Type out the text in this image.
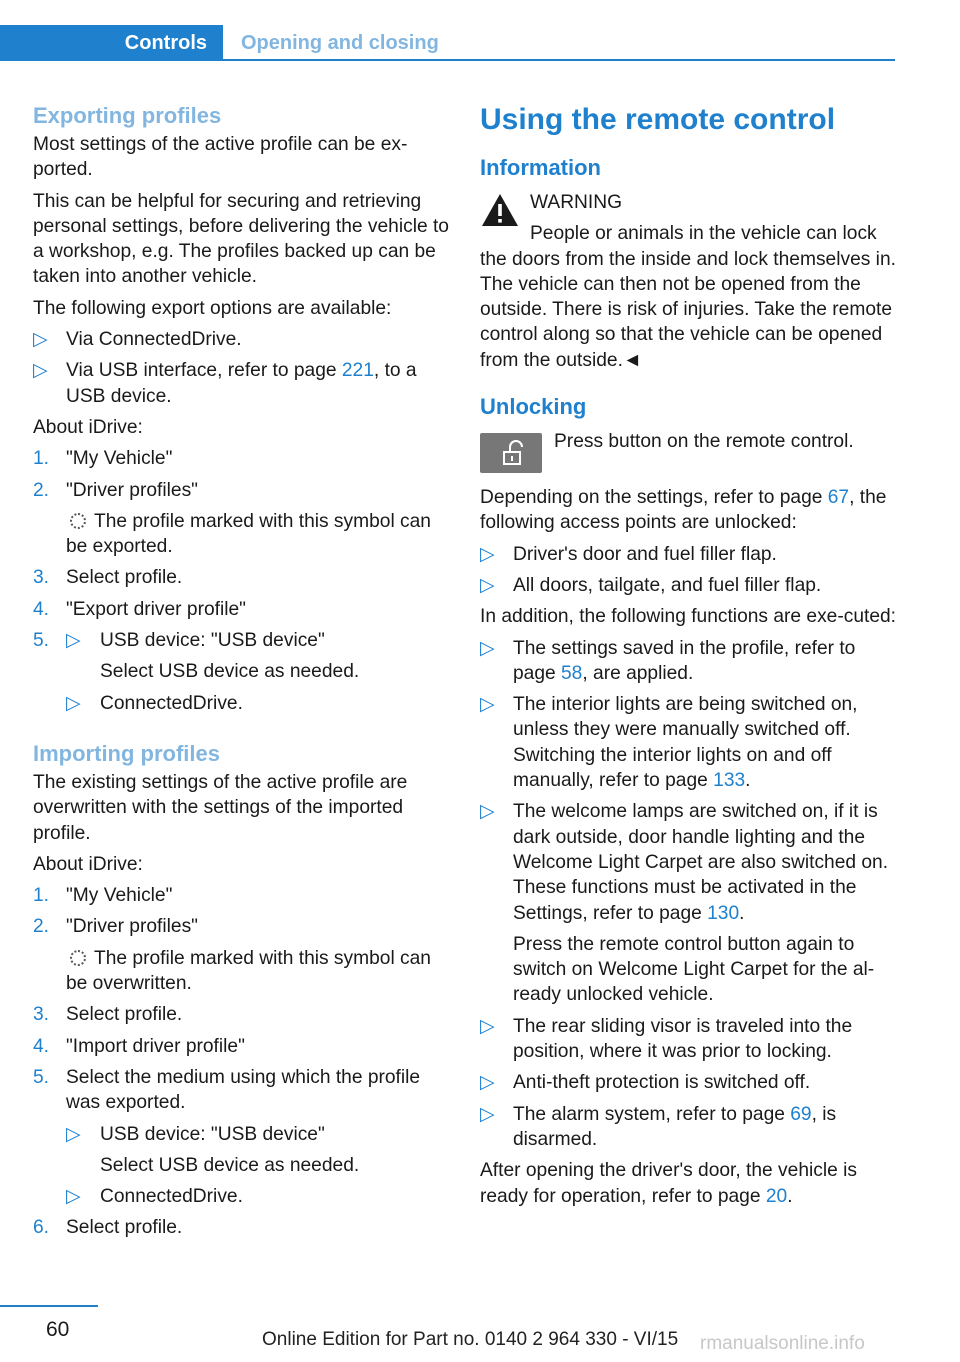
Controls	Opening and closing
Exporting profiles

Most settings of the active profile can be ex-ported.

This can be helpful for securing and retrieving personal settings, before delivering the vehicle to a workshop, e.g. The profiles backed up can be taken into another vehicle.

The following export options are available:

▷ Via ConnectedDrive.
▷ Via USB interface, refer to page 221, to a USB device.

About iDrive:

1. "My Vehicle"
2. "Driver profiles"
The profile marked with this symbol can be exported.
3. Select profile.
4. "Export driver profile"
5. ▷ USB device: "USB device"
Select USB device as needed.
▷ ConnectedDrive.
Importing profiles

The existing settings of the active profile are overwritten with the settings of the imported profile.

About iDrive:

1. "My Vehicle"
2. "Driver profiles"
The profile marked with this symbol can be overwritten.
3. Select profile.
4. "Import driver profile"
5. Select the medium using which the profile was exported.
▷ USB device: "USB device"
Select USB device as needed.
▷ ConnectedDrive.
6. Select profile.
Using the remote control
Information
WARNING
People or animals in the vehicle can lock the doors from the inside and lock themselves in. The vehicle can then not be opened from the outside. There is risk of injuries. Take the remote control along so that the vehicle can be opened from the outside.◄
Unlocking
Press button on the remote control.

Depending on the settings, refer to page 67, the following access points are unlocked:

▷ Driver's door and fuel filler flap.
▷ All doors, tailgate, and fuel filler flap.

In addition, the following functions are exe-cuted:

▷ The settings saved in the profile, refer to page 58, are applied.
▷ The interior lights are being switched on, unless they were manually switched off. Switching the interior lights on and off manually, refer to page 133.
▷ The welcome lamps are switched on, if it is dark outside, door handle lighting and the Welcome Light Carpet are also switched on. These functions must be activated in the Settings, refer to page 130.
Press the remote control button again to switch on Welcome Light Carpet for the al-ready unlocked vehicle.
▷ The rear sliding visor is traveled into the position, where it was prior to locking.
▷ Anti-theft protection is switched off.
▷ The alarm system, refer to page 69, is disarmed.

After opening the driver's door, the vehicle is ready for operation, refer to page 20.

60	Online Edition for Part no. 0140 2 964 330 - VI/15 rmanualsonline.info
